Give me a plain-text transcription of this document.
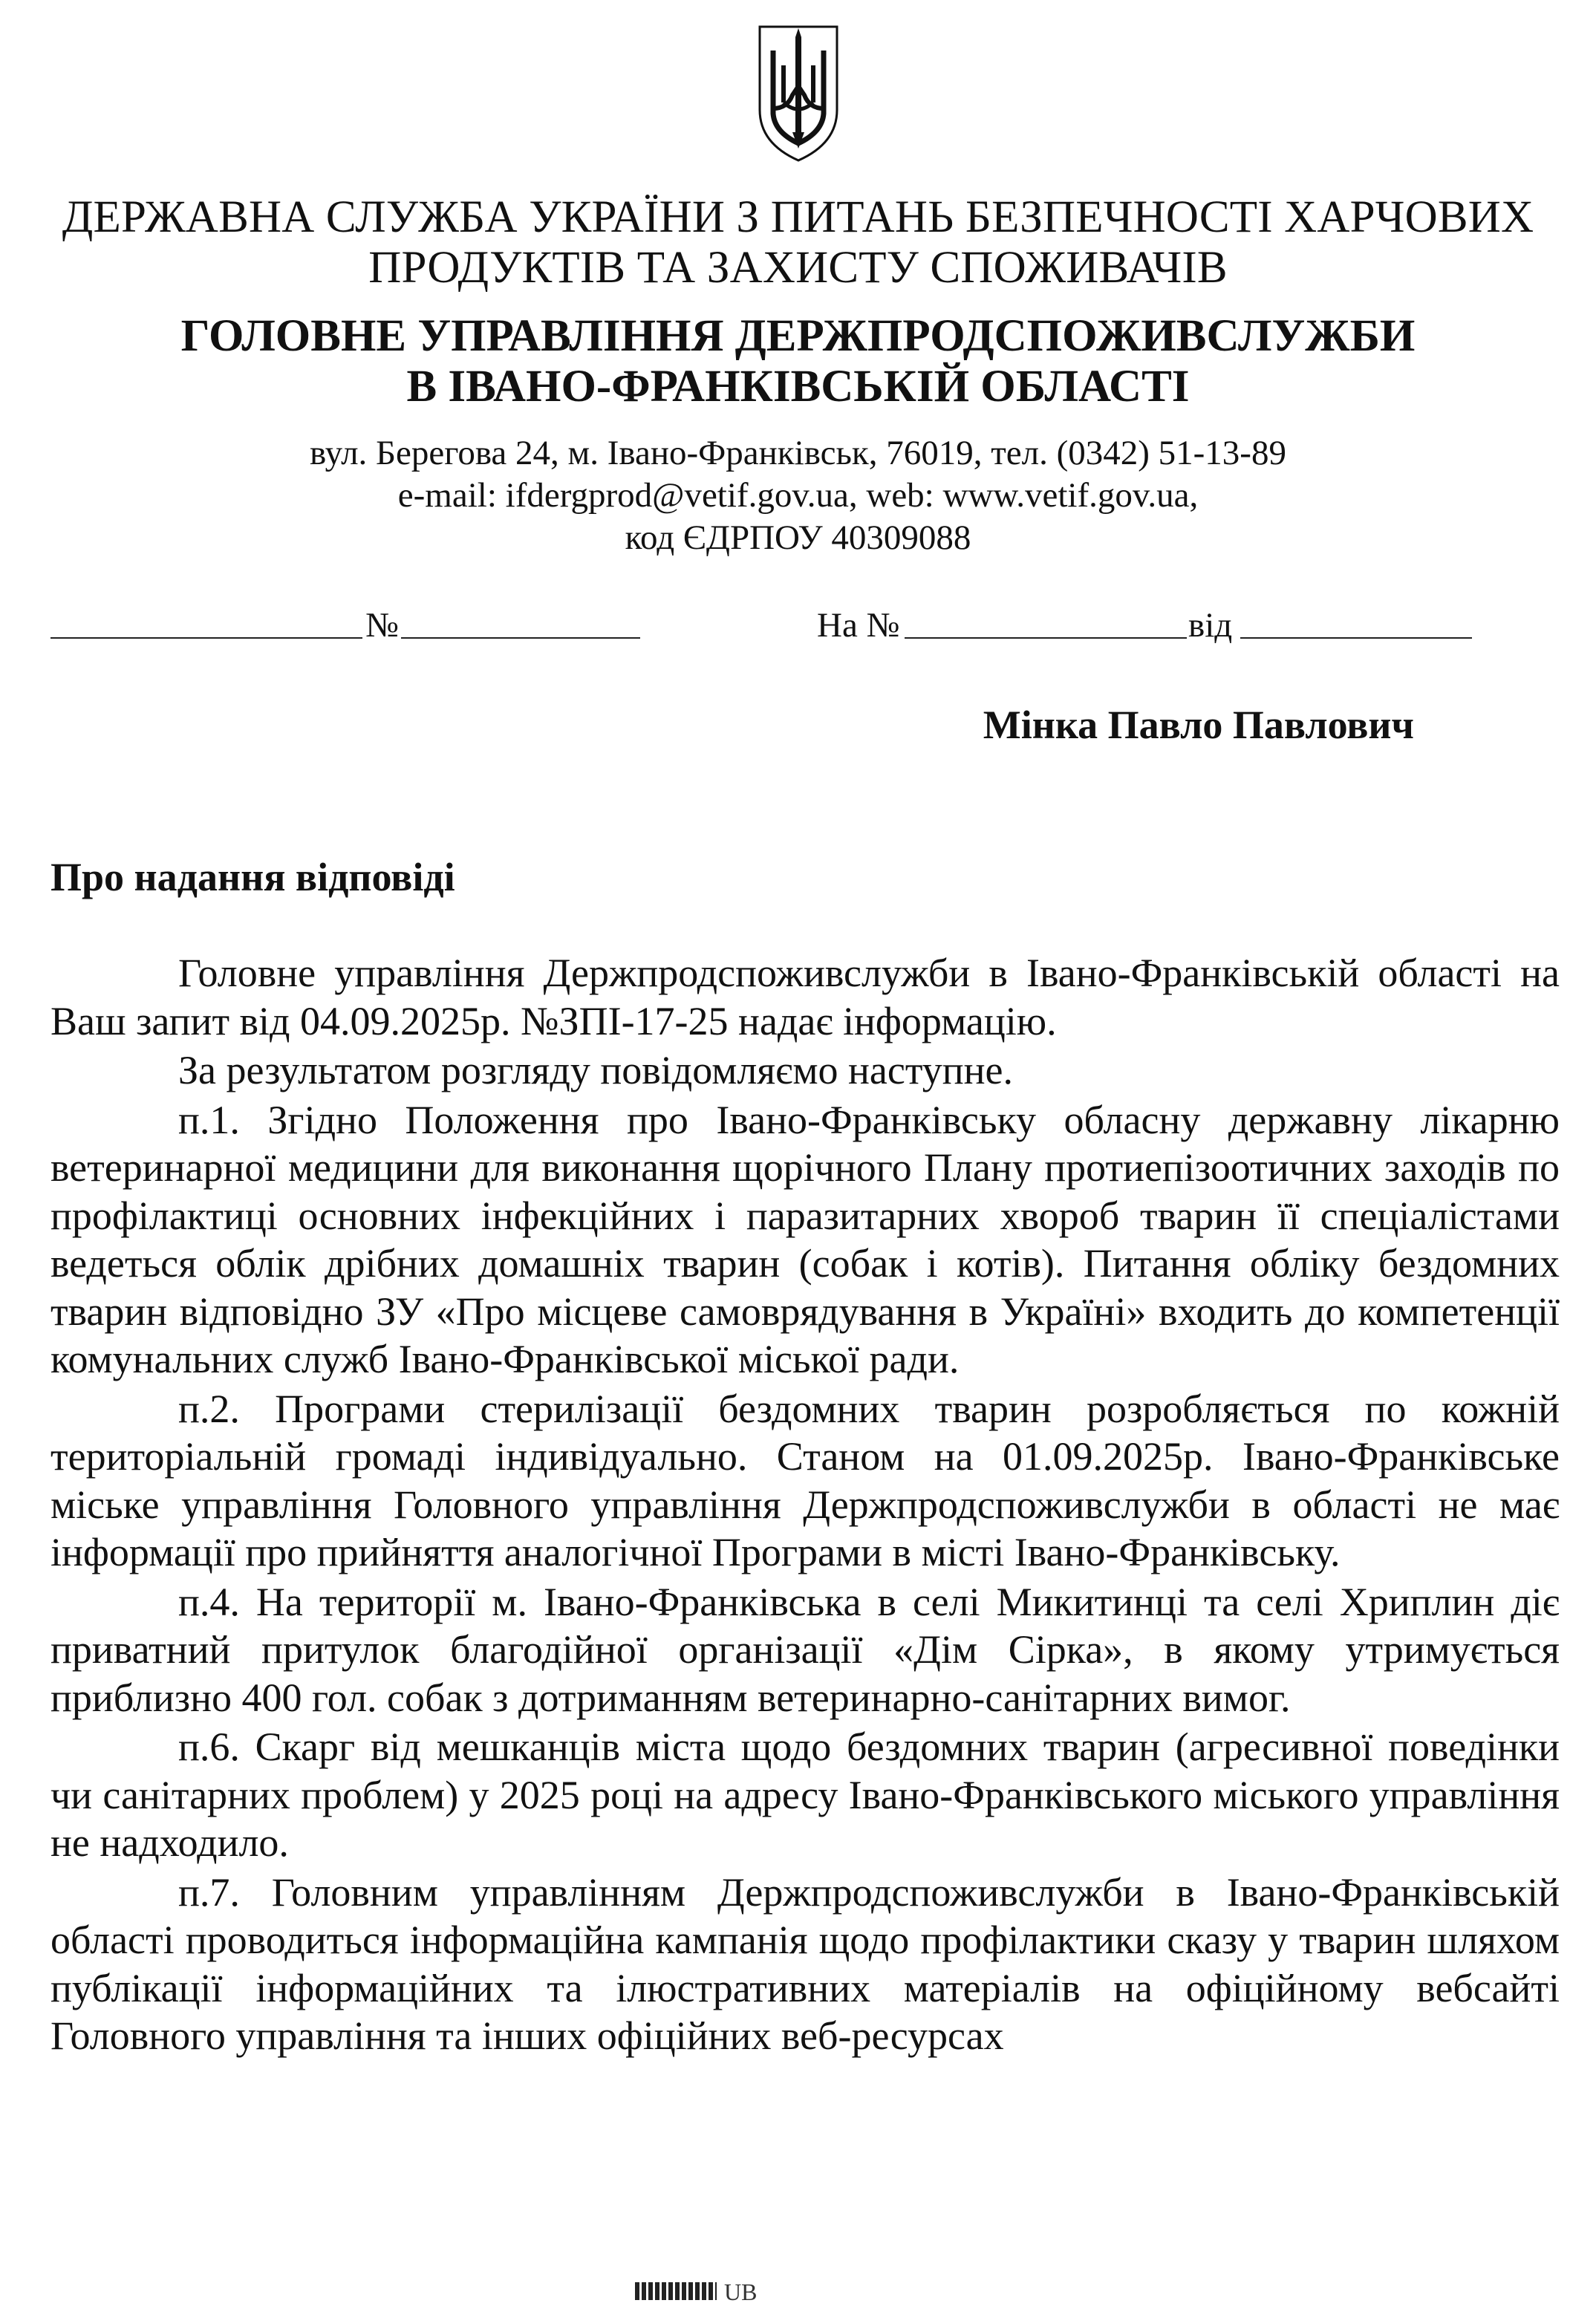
ДЕРЖАВНА СЛУЖБА УКРАЇНИ З ПИТАНЬ БЕЗПЕЧНОСТІ ХАРЧОВИХ
ПРОДУКТІВ ТА ЗАХИСТУ СПОЖИВАЧІВ
ГОЛОВНЕ УПРАВЛІННЯ ДЕРЖПРОДСПОЖИВСЛУЖБИ
В ІВАНО-ФРАНКІВСЬКІЙ ОБЛАСТІ
вул. Берегова 24, м. Івано-Франківськ, 76019, тел. (0342) 51-13-89
e-mail: ifdergprod@vetif.gov.ua, web: www.vetif.gov.ua,
код ЄДРПОУ 40309088
№	На №	від
Мінка Павло Павлович
Про надання відповіді

Головне управління Держпродспоживслужби в Івано-Франківській області на Ваш запит від 04.09.2025р. №ЗПІ-17-25 надає інформацію.

За результатом розгляду повідомляємо наступне.

п.1. Згідно Положення про Івано-Франківську обласну державну лікарню ветеринарної медицини для виконання щорічного Плану протиепізоотичних заходів по профілактиці основних інфекційних і паразитарних хвороб тварин її спеціалістами ведеться облік дрібних домашніх тварин (собак і котів). Питання обліку бездомних тварин відповідно ЗУ «Про місцеве самоврядування в Україні» входить до компетенції комунальних служб Івано-Франківської міської ради.

п.2. Програми стерилізації бездомних тварин розробляється по кожній територіальній громаді індивідуально. Станом на 01.09.2025р. Івано-Франківське міське управління Головного управління Держпродспоживслужби в області не має інформації про прийняття аналогічної Програми в місті Івано-Франківську.

п.4. На території м. Івано-Франківська в селі Микитинці та селі Хриплин діє приватний притулок благодійної організації «Дім Сірка», в якому утримується приблизно 400 гол. собак з дотриманням ветеринарно-санітарних вимог.

п.6. Скарг від мешканців міста щодо бездомних тварин (агресивної поведінки чи санітарних проблем) у 2025 році на адресу Івано-Франківського міського управління не надходило.

п.7. Головним управлінням Держпродспоживслужби в Івано-Франківській області проводиться інформаційна кампанія щодо профілактики сказу у тварин шляхом публікації інформаційних та ілюстративних матеріалів на офіційному вебсайті Головного управління та інших офіційних веб-ресурсах

UB
